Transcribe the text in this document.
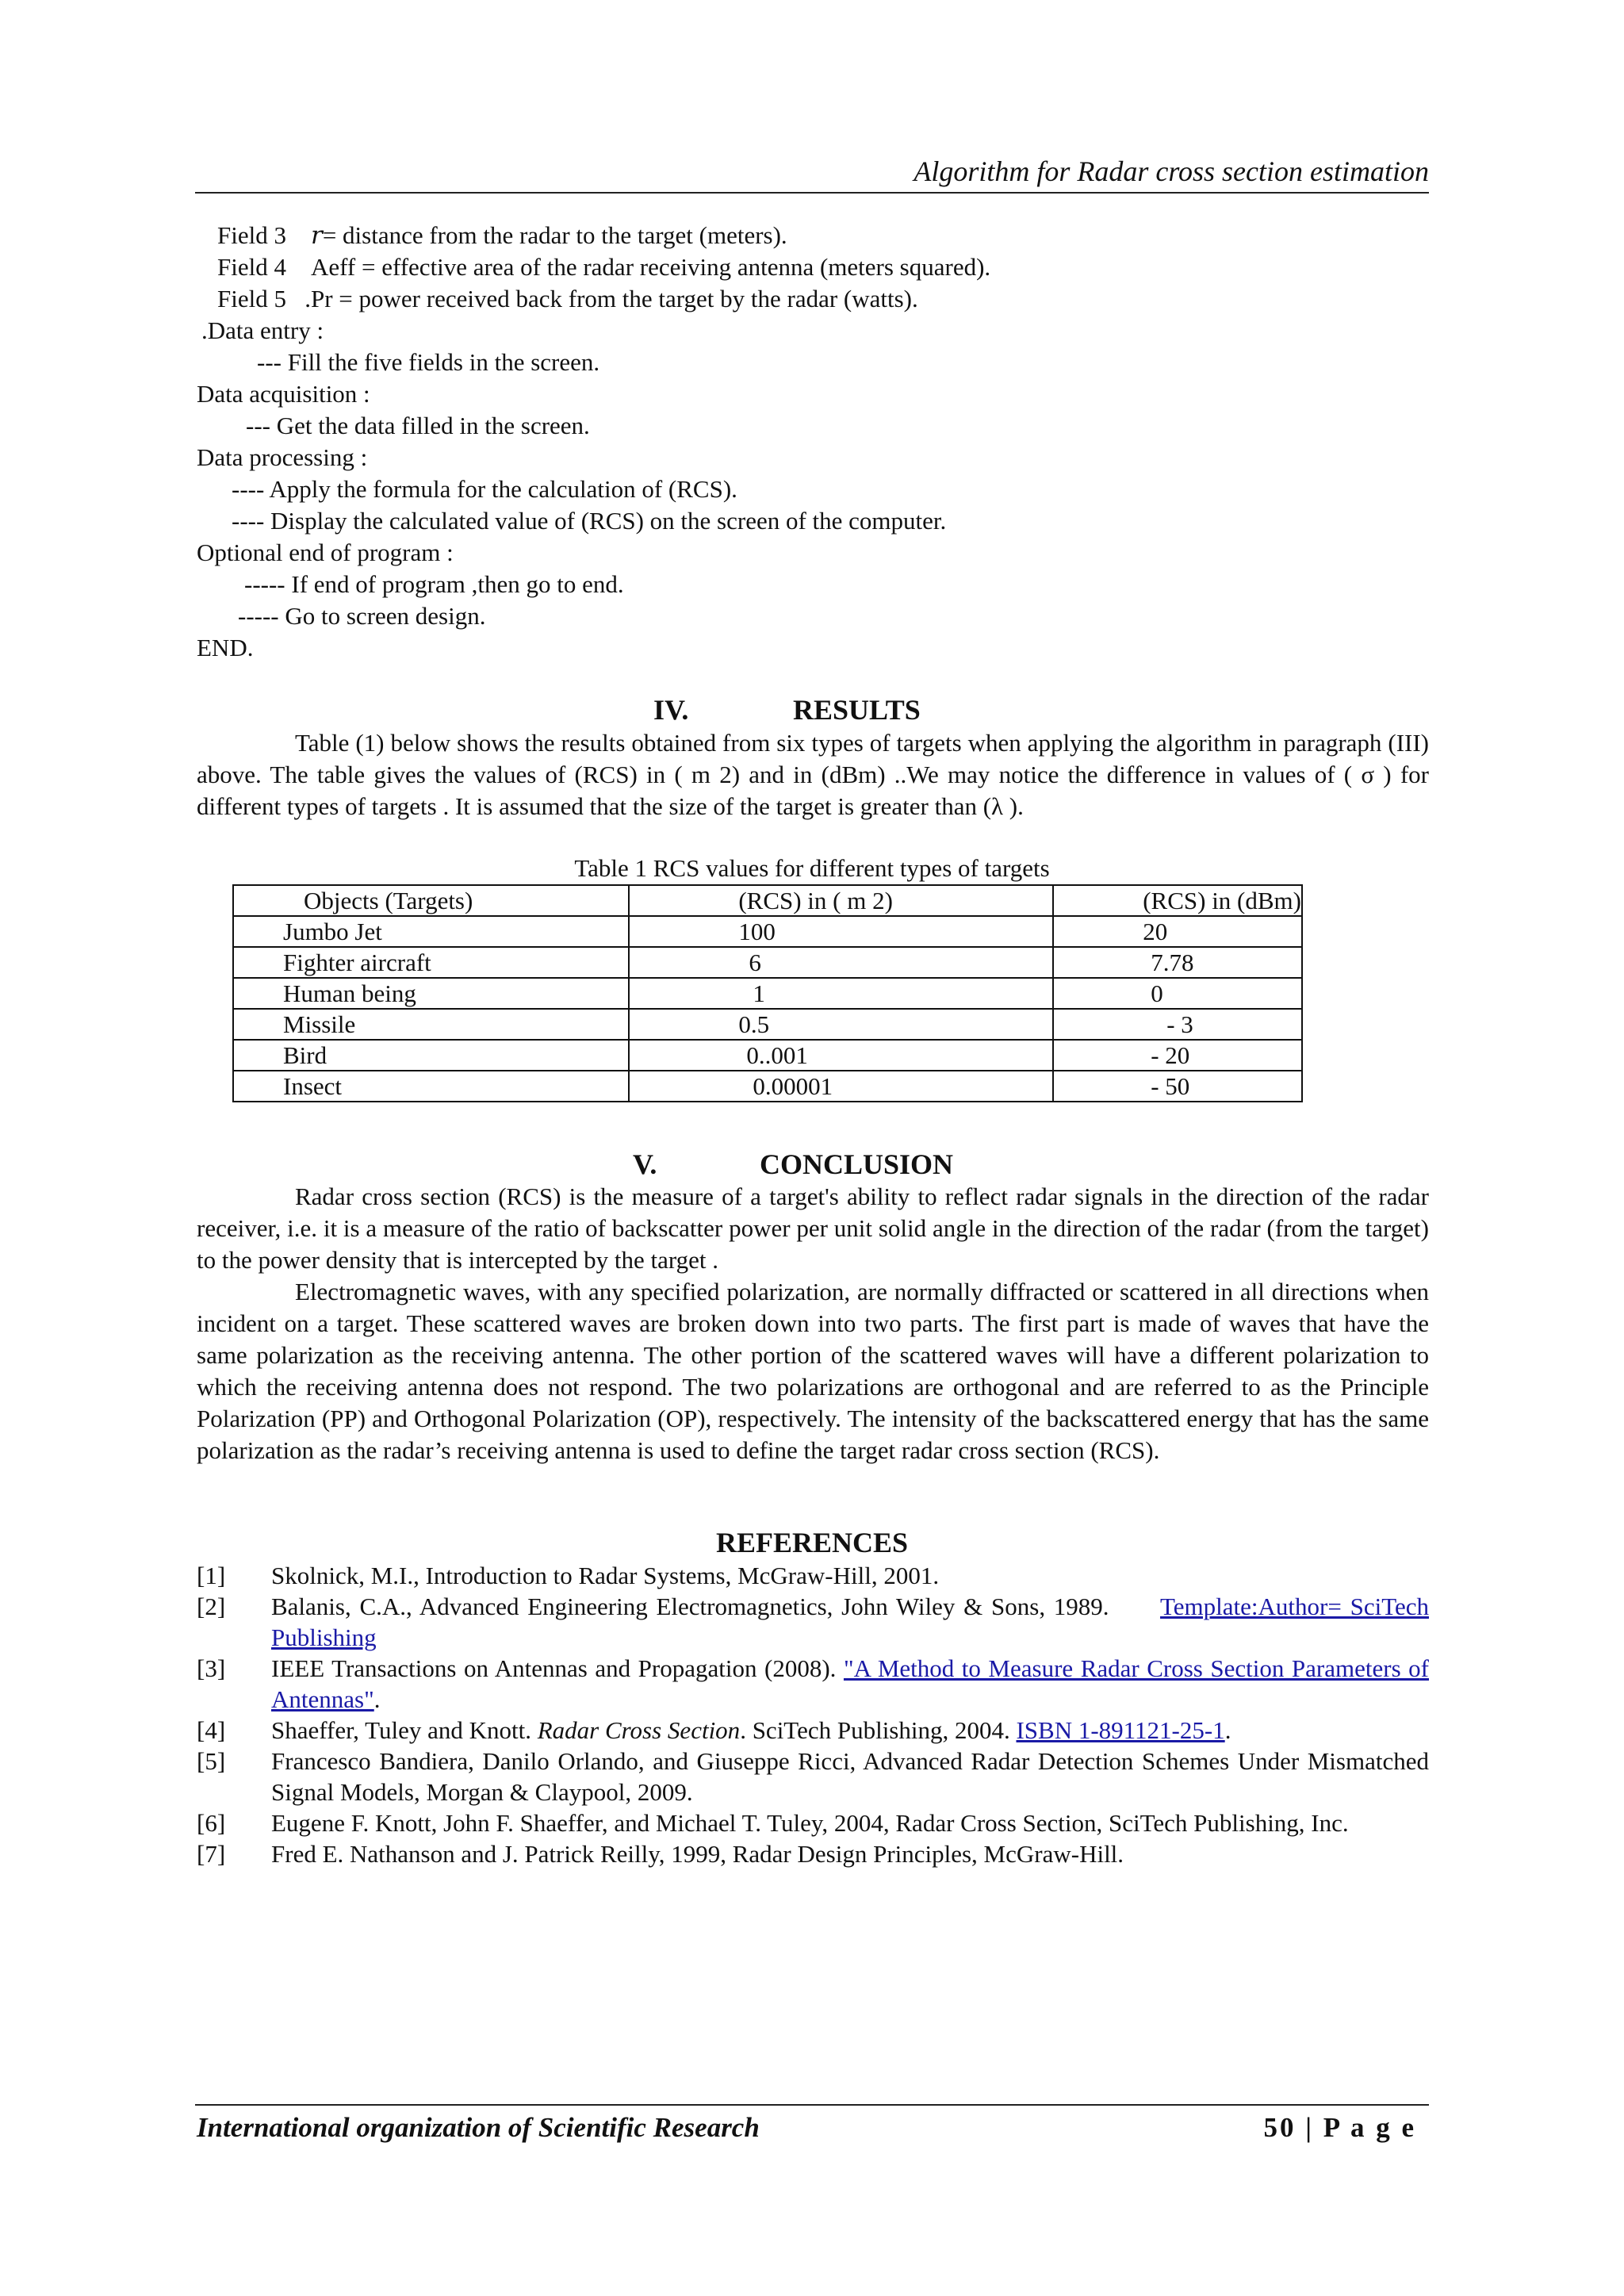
Algorithm for Radar cross section estimation
Field 3 r= distance from the radar to the target (meters).
Field 4 Aeff = effective area of the radar receiving antenna (meters squared).
Field 5 .Pr = power received back from the target by the radar (watts).
.Data entry :
--- Fill the five fields in the screen.
Data acquisition :
--- Get the data filled in the screen.
Data processing :
---- Apply the formula for the calculation of (RCS).
---- Display the calculated value of (RCS) on the screen of the computer.
Optional end of program :
----- If end of program ,then go to end.
----- Go to screen design.
END.
IV.	RESULTS

Table (1) below shows the results obtained from six types of targets when applying the algorithm in paragraph (III) above. The table gives the values of (RCS) in ( m 2) and in (dBm) ..We may notice the difference in values of ( σ ) for different types of targets . It is assumed that the size of the target is greater than (λ ).

Table 1 RCS values for different types of targets
Objects (Targets)	(RCS) in ( m 2)	(RCS) in (dBm)
Jumbo Jet	100	20
Fighter aircraft	6	7.78
Human being	1	0
Missile	0.5	- 3
Bird	0..001	- 20
Insect	0.00001	- 50
V.	CONCLUSION

Radar cross section (RCS) is the measure of a target's ability to reflect radar signals in the direction of the radar receiver, i.e. it is a measure of the ratio of backscatter power per unit solid angle in the direction of the radar (from the target) to the power density that is intercepted by the target .

Electromagnetic waves, with any specified polarization, are normally diffracted or scattered in all directions when incident on a target. These scattered waves are broken down into two parts. The first part is made of waves that have the same polarization as the receiving antenna. The other portion of the scattered waves will have a different polarization to which the receiving antenna does not respond. The two polarizations are orthogonal and are referred to as the Principle Polarization (PP) and Orthogonal Polarization (OP), respectively. The intensity of the backscattered energy that has the same polarization as the radar’s receiving antenna is used to define the target radar cross section (RCS).

REFERENCES
[1] Skolnick, M.I., Introduction to Radar Systems, McGraw-Hill, 2001.
[2] Balanis, C.A., Advanced Engineering Electromagnetics, John Wiley & Sons, 1989. Template:Author= SciTech Publishing
[3] IEEE Transactions on Antennas and Propagation (2008). "A Method to Measure Radar Cross Section Parameters of Antennas".
[4] Shaeffer, Tuley and Knott. Radar Cross Section. SciTech Publishing, 2004. ISBN 1-891121-25-1.
[5] Francesco Bandiera, Danilo Orlando, and Giuseppe Ricci, Advanced Radar Detection Schemes Under Mismatched Signal Models, Morgan & Claypool, 2009.
[6] Eugene F. Knott, John F. Shaeffer, and Michael T. Tuley, 2004, Radar Cross Section, SciTech Publishing, Inc.
[7] Fred E. Nathanson and J. Patrick Reilly, 1999, Radar Design Principles, McGraw-Hill.
International organization of Scientific Research	50 | P a g e
